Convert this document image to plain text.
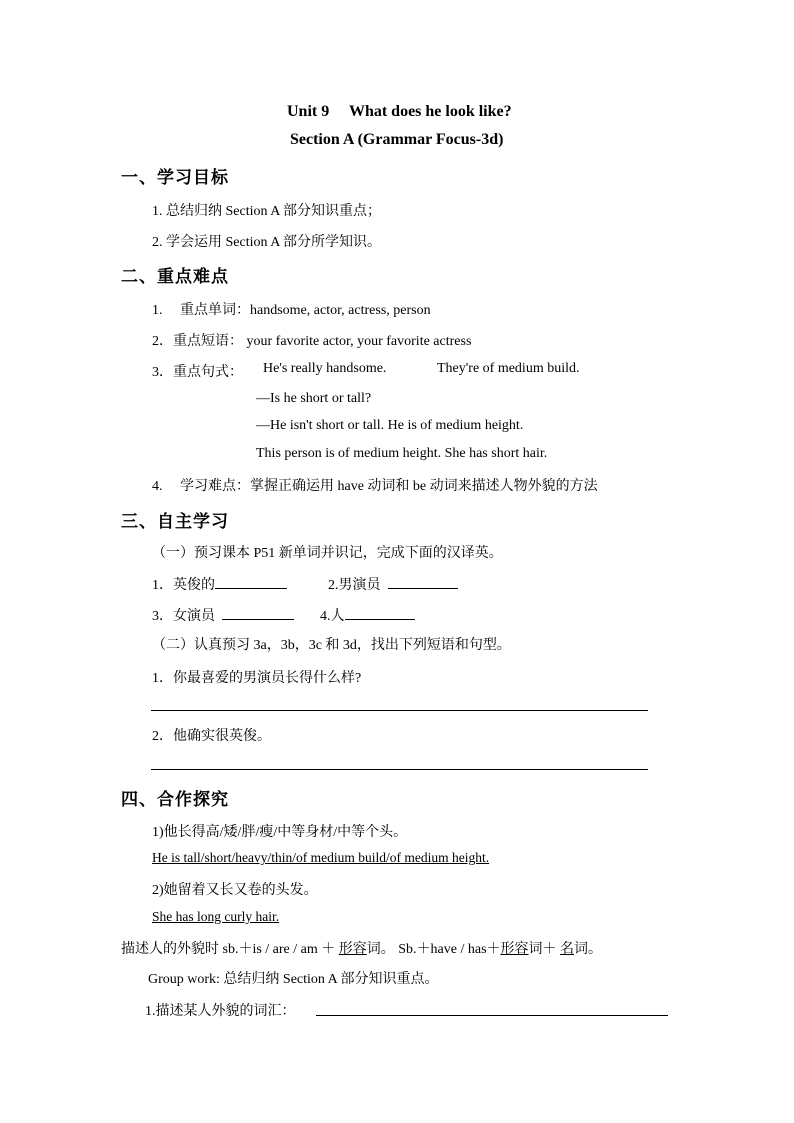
Unit 9　 What does he look like?
Section A (Grammar Focus-3d)
一、学习目标
1. 总结归纳 Section A 部分知识重点；
2. 学会运用 Section A 部分所学知识。
二、重点难点
1.　 重点单词：handsome, actor, actress, person
2．重点短语： your favorite actor, your favorite actress
3．重点句式： He's really handsome.	They're of medium build.
—Is he short or tall?
—He isn't short or tall. He is of medium height.
This person is of medium height. She has short hair.
4.　 学习难点：掌握正确运用 have 动词和 be 动词来描述人物外貌的方法
三、自主学习
（一）预习课本 P51 新单词并识记，完成下面的汉译英。
1．英俊的	2.男演员
3．女演员	4.人
（二）认真预习 3a，3b，3c 和 3d，找出下列短语和句型。
1．你最喜爱的男演员长得什么样?
2．他确实很英俊。
四、合作探究
1)他长得高/矮/胖/瘦/中等身材/中等个头。
He is tall/short/heavy/thin/of medium build/of medium height.
2)她留着又长又卷的头发。
She has long curly hair.
描述人的外貌时 sb.＋is / are / am ＋ 形容词。 Sb.＋have / has＋形容词＋ 名词。
Group work: 总结归纳 Section A 部分知识重点。
1.描述某人外貌的词汇：
